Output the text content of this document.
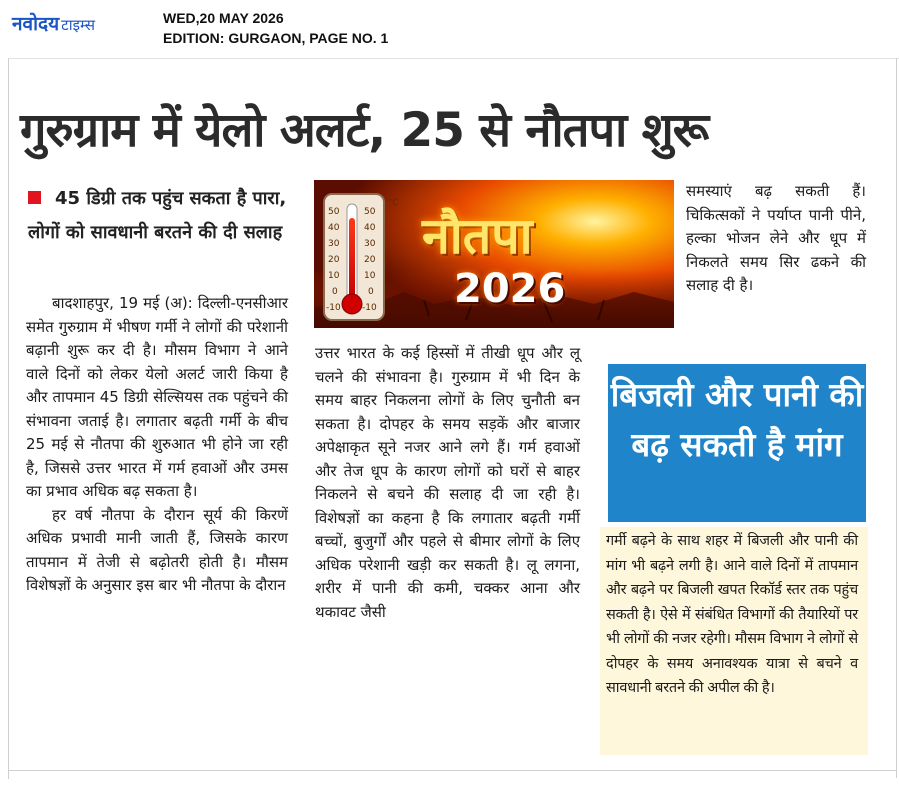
नवोदय टाइम्स	WED,20 MAY 2026
EDITION: GURGAON, PAGE NO. 1
गुरुग्राम में येलो अलर्ट, 25 से नौतपा शुरू
45 डिग्री तक पहुंच सकता है पारा, लोगों को सावधानी बरतने की दी सलाह

बादशाहपुर, 19 मई (अ): दिल्ली-एनसीआर समेत गुरुग्राम में भीषण गर्मी ने लोगों की परेशानी बढ़ानी शुरू कर दी है। मौसम विभाग ने आने वाले दिनों को लेकर येलो अलर्ट जारी किया है और तापमान 45 डिग्री सेल्सियस तक पहुंचने की संभावना जताई है। लगातार बढ़ती गर्मी के बीच 25 मई से नौतपा की शुरुआत भी होने जा रही है, जिससे उत्तर भारत में गर्म हवाओं और उमस का प्रभाव अधिक बढ़ सकता है।

हर वर्ष नौतपा के दौरान सूर्य की किरणें अधिक प्रभावी मानी जाती हैं, जिसके कारण तापमान में तेजी से बढ़ोतरी होती है। मौसम विशेषज्ञों के अनुसार इस बार भी नौतपा के दौरान

°C
50
40
30
20
10
0
-10
50
40
30
20
10
0
-10
नौतपा
2026

उत्तर भारत के कई हिस्सों में तीखी धूप और लू चलने की संभावना है। गुरुग्राम में भी दिन के समय बाहर निकलना लोगों के लिए चुनौती बन सकता है। दोपहर के समय सड़कें और बाजार अपेक्षाकृत सूने नजर आने लगे हैं। गर्म हवाओं और तेज धूप के कारण लोगों को घरों से बाहर निकलने से बचने की सलाह दी जा रही है। विशेषज्ञों का कहना है कि लगातार बढ़ती गर्मी बच्चों, बुजुर्गों और पहले से बीमार लोगों के लिए अधिक परेशानी खड़ी कर सकती है। लू लगना, शरीर में पानी की कमी, चक्कर आना और थकावट जैसी

समस्याएं बढ़ सकती हैं। चिकित्सकों ने पर्याप्त पानी पीने, हल्का भोजन लेने और धूप में निकलते समय सिर ढकने की सलाह दी है।

बिजली और पानी की बढ़ सकती है मांग
गर्मी बढ़ने के साथ शहर में बिजली और पानी की मांग भी बढ़ने लगी है। आने वाले दिनों में तापमान और बढ़ने पर बिजली खपत रिकॉर्ड स्तर तक पहुंच सकती है। ऐसे में संबंधित विभागों की तैयारियों पर भी लोगों की नजर रहेगी। मौसम विभाग ने लोगों से दोपहर के समय अनावश्यक यात्रा से बचने व सावधानी बरतने की अपील की है।
